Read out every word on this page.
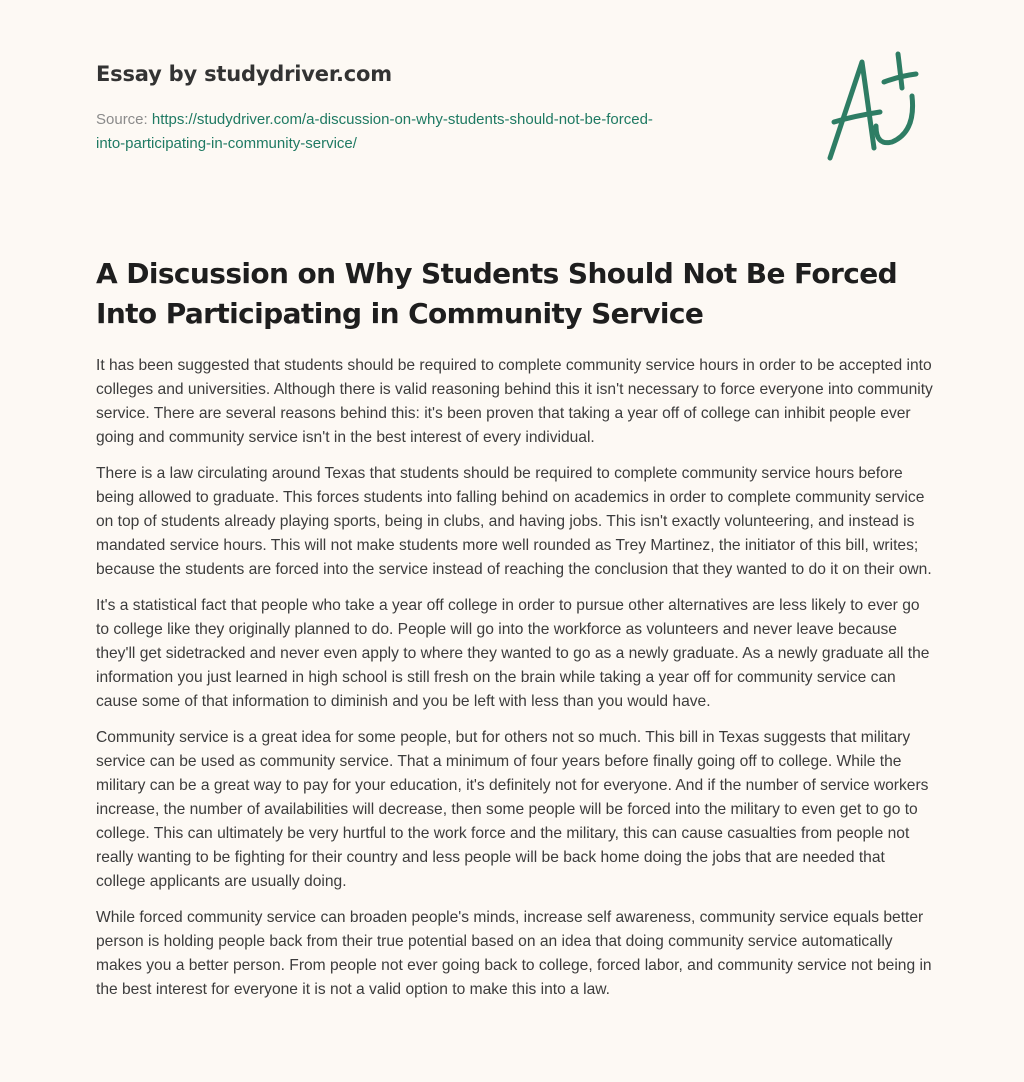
Essay by studydriver.com
Source: https://studydriver.com/a-discussion-on-why-students-should-not-be-forced-
into-participating-in-community-service/
A Discussion on Why Students Should Not Be Forced Into Participating in Community Service

It has been suggested that students should be required to complete community service hours in order to be accepted into colleges and universities. Although there is valid reasoning behind this it isn't necessary to force everyone into community service. There are several reasons behind this: it's been proven that taking a year off of college can inhibit people ever going and community service isn't in the best interest of every individual.

There is a law circulating around Texas that students should be required to complete community service hours before being allowed to graduate. This forces students into falling behind on academics in order to complete community service on top of students already playing sports, being in clubs, and having jobs. This isn't exactly volunteering, and instead is mandated service hours. This will not make students more well rounded as Trey Martinez, the initiator of this bill, writes; because the students are forced into the service instead of reaching the conclusion that they wanted to do it on their own.

It's a statistical fact that people who take a year off college in order to pursue other alternatives are less likely to ever go to college like they originally planned to do. People will go into the workforce as volunteers and never leave because they'll get sidetracked and never even apply to where they wanted to go as a newly graduate. As a newly graduate all the information you just learned in high school is still fresh on the brain while taking a year off for community service can cause some of that information to diminish and you be left with less than you would have.

Community service is a great idea for some people, but for others not so much. This bill in Texas suggests that military service can be used as community service. That a minimum of four years before finally going off to college. While the military can be a great way to pay for your education, it's definitely not for everyone. And if the number of service workers increase, the number of availabilities will decrease, then some people will be forced into the military to even get to go to college. This can ultimately be very hurtful to the work force and the military, this can cause casualties from people not really wanting to be fighting for their country and less people will be back home doing the jobs that are needed that college applicants are usually doing.

While forced community service can broaden people's minds, increase self awareness, community service equals better person is holding people back from their true potential based on an idea that doing community service automatically makes you a better person. From people not ever going back to college, forced labor, and community service not being in the best interest for everyone it is not a valid option to make this into a law.
